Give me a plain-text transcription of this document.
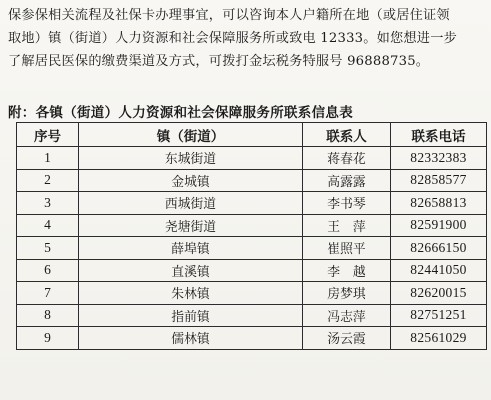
保参保相关流程及社保卡办理事宜，可以咨询本人户籍所在地（或居住证领
取地）镇（街道）人力资源和社会保障服务所或致电 12333。如您想进一步
了解居民医保的缴费渠道及方式，可拨打金坛税务特服号 96888735。
附：各镇（街道）人力资源和社会保障服务所联系信息表
序号	镇（街道）	联系人	联系电话
1	东城街道	蒋春花	82332383
2	金城镇	高露露	82858577
3	西城街道	李书琴	82658813
4	尧塘街道	王　萍	82591900
5	薛埠镇	崔照平	82666150
6	直溪镇	李　越	82441050
7	朱林镇	房梦琪	82620015
8	指前镇	冯志萍	82751251
9	儒林镇	汤云霞	82561029
